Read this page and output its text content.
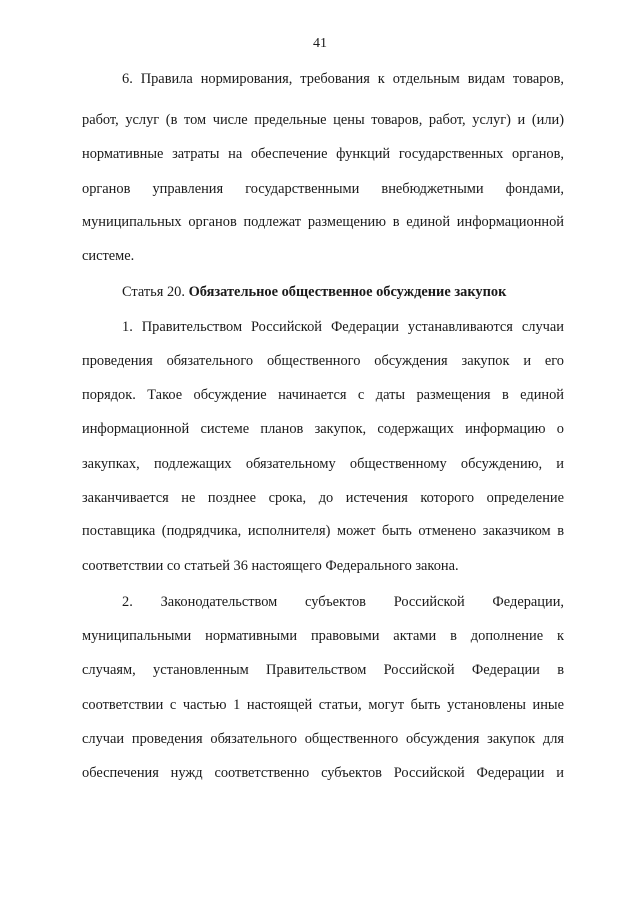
41
6. Правила нормирования, требования к отдельным видам товаров,
работ, услуг (в том числе предельные цены товаров, работ, услуг) и (или)
нормативные затраты на обеспечение функций государственных органов,
органов управления государственными внебюджетными фондами,
муниципальных органов подлежат размещению в единой информационной
системе.
Статья 20. Обязательное общественное обсуждение закупок
1. Правительством Российской Федерации устанавливаются случаи
проведения обязательного общественного обсуждения закупок и его
порядок. Такое обсуждение начинается с даты размещения в единой
информационной системе планов закупок, содержащих информацию о
закупках, подлежащих обязательному общественному обсуждению, и
заканчивается не позднее срока, до истечения которого определение
поставщика (подрядчика, исполнителя) может быть отменено заказчиком в
соответствии со статьей 36 настоящего Федерального закона.
2. Законодательством субъектов Российской Федерации,
муниципальными нормативными правовыми актами в дополнение к
случаям, установленным Правительством Российской Федерации в
соответствии с частью 1 настоящей статьи, могут быть установлены иные
случаи проведения обязательного общественного обсуждения закупок для
обеспечения нужд соответственно субъектов Российской Федерации и
